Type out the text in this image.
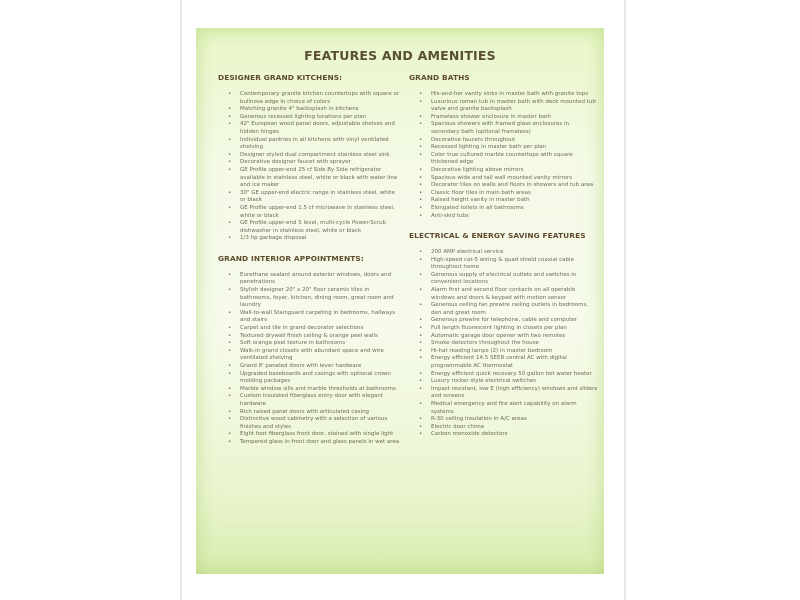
FEATURES AND AMENITIES
DESIGNER GRAND KITCHENS:
• Contemporary granite kitchen countertops with square or bullnose edge in choice of colors
• Matching granite 4" backsplash in kitchens
• Generous recessed lighting locations per plan
• 42" European wood panel doors, adjustable shelves and hidden hinges
• Individual pantries in all kitchens with vinyl ventilated shelving
• Designer styled dual compartment stainless steel sink
• Decorative designer faucet with sprayer
• GE Profile upper-end 25 cf Side By Side refrigerator available in stainless steel, white or black with water line and ice maker
• 30" GE upper-end electric range in stainless steel, white or black
• GE Profile upper-end 1.5 cf microwave in stainless steel, white or black
• GE Profile upper-end 5 level, multi-cycle Power-Scrub dishwasher in stainless steel, white or black
• 1/3 hp garbage disposal
GRAND INTERIOR APPOINTMENTS:
• Eurethane sealant around exterior windows, doors and penetrations
• Stylish designer 20" x 20" floor ceramic tiles in bathrooms, foyer, kitchen, dining room, great room and laundry
• Wall-to-wall Stainguard carpeting in bedrooms, hallways and stairs
• Carpet and tile in grand decorator selections
• Textured drywall finish ceiling & orange peel walls
• Soft orange peel texture in bathrooms
• Walk-in grand closets with abundant space and wire ventilated shelving
• Grand 8' paneled doors with lever hardware
• Upgraded baseboards and casings with optional crown molding packages
• Marble window sills and marble thresholds at bathrooms
• Custom insulated fiberglass entry door with elegant hardware
• Rich raised panel doors with articulated casing
• Distinctive wood cabinetry with a selection of various finishes and styles
• Eight foot fiberglass front door, stained with single light
• Tempered glass in front door and glass panels in wet area
GRAND BATHS
• His-and-her vanity sinks in master bath with granite tops
• Luxurious roman tub in master bath with deck mounted tub valve and granite backsplash
• Frameless shower enclosure in master bath
• Spacious showers with framed glass enclosures in secondary bath (optional frameless)
• Decorative faucets throughout
• Recessed lighting in master bath per plan
• Color true cultured marble countertops with square thickened edge
• Decorative lighting above mirrors
• Spacious wide and tall wall mounted vanity mirrors
• Decorator tiles on walls and floors in showers and tub area
• Classic floor tiles in main bath areas
• Raised height vanity in master bath
• Elongated toilets in all bathrooms
• Anti-skid tubs
ELECTRICAL & ENERGY SAVING FEATURES
• 200 AMP electrical service
• High-speed cat-5 wiring & quad shield coaxial cable throughout home
• Generous supply of electrical outlets and switches in convenient locations
• Alarm first and second floor contacts on all operable windows and doors & keypad with motion sensor
• Generous ceiling fan prewire ceiling outlets in bedrooms, den and great room
• Generous prewire for telephone, cable and computer
• Full length fluorescent lighting in closets per plan
• Automatic garage door opener with two remotes
• Smoke detectors throughout the house
• Hi-hat reading lamps (2) in master bedroom
• Energy efficient 14.5 SEER central AC with digital programmable AC thermostat
• Energy efficient quick recovery 50 gallon hot water heater
• Luxury rocker style electrical switches
• Impact resistant, low E (high efficiency) windows and sliders and screens
• Medical emergency and fire alert capability on alarm systems
• R-30 ceiling insulation in A/C areas
• Electric door chime
• Carbon monoxide detectors
